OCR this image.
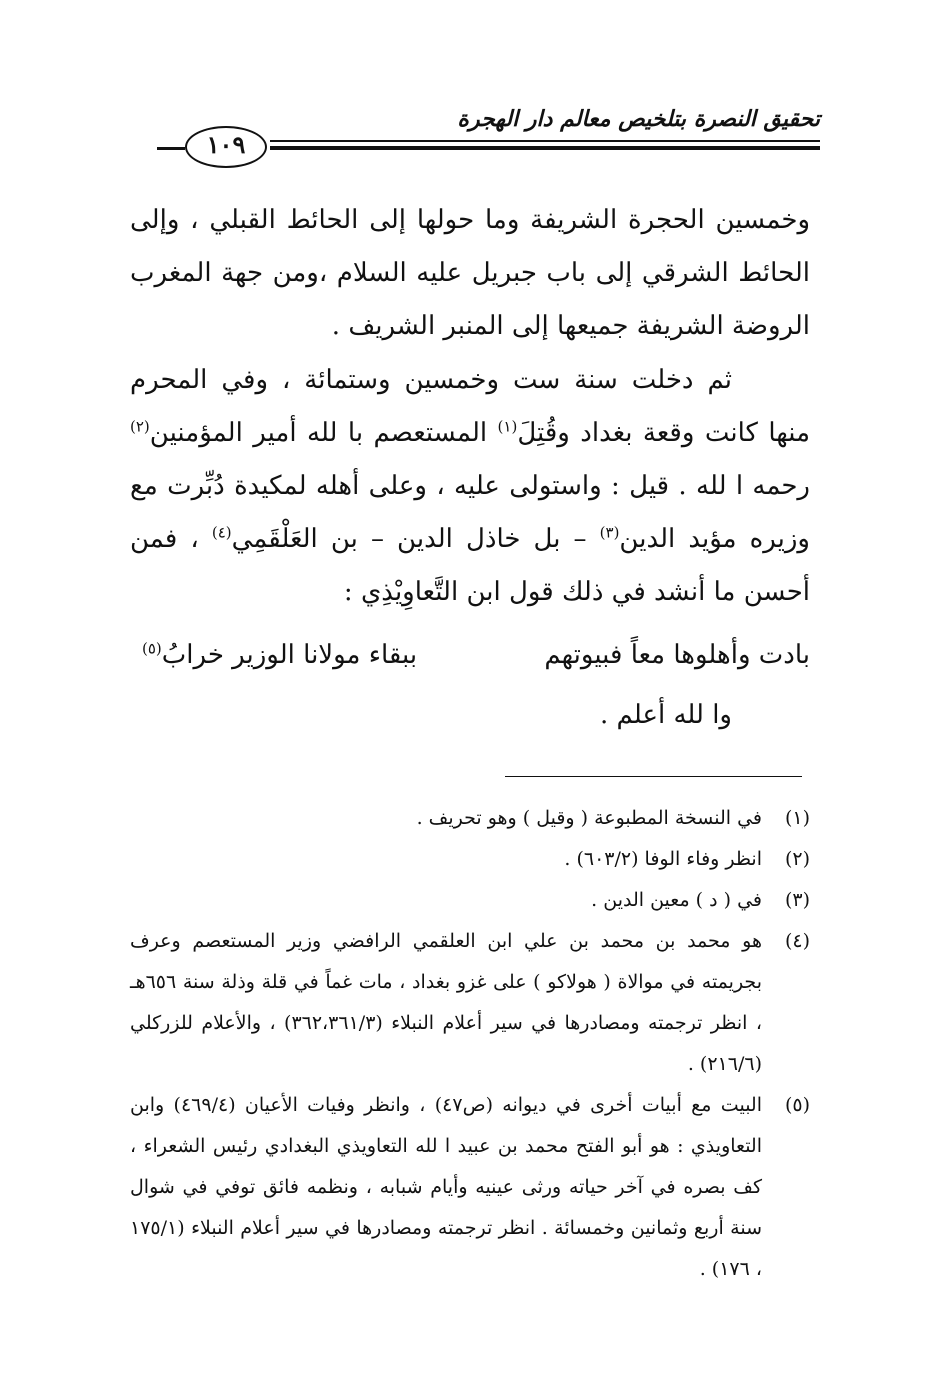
تحقيق النصرة بتلخيص معالم دار الهجرة
١٠٩

وخمسين الحجرة الشريفة وما حولها إلى الحائط القبلي ، وإلى الحائط الشرقي إلى باب جبريل عليه السلام ،ومن جهة المغرب الروضة الشريفة جميعها إلى المنبر الشريف .

ثم دخلت سنة ست وخمسين وستمائة ، وفي المحرم منها كانت وقعة بغداد وقُتِلَ$^{(١)}$ المستعصم با لله أمير المؤمنين$^{(٢)}$ رحمه ا لله . قيل : واستولى عليه ، وعلى أهله لمكيدة دُبِّرت مع وزيره مؤيد الدين$^{(٣)}$ – بل خاذل الدين – بن العَلْقَمِي$^{(٤)}$ ، فمن أحسن ما أنشد في ذلك قول ابن التَّعاوِيْذِي :

بادت وأهلوها معاً فبيوتهم
ببقاء مولانا الوزير خرابُ$^{(٥)}$
وا لله أعلم .
(١)
في النسخة المطبوعة ( وقيل ) وهو تحريف .
(٢)
انظر وفاء الوفا (٦٠٣/٢) .
(٣)
في ( د ) معين الدين .
(٤)
هو محمد بن محمد بن علي ابن العلقمي الرافضي وزير المستعصم وعرف بجريمته في موالاة ( هولاكو ) على غزو بغداد ، مات غماً في قلة وذلة سنة ٦٥٦هـ ، انظر ترجمته ومصادرها في سير أعلام النبلاء (٣٦٢،٣٦١/٣) ، والأعلام للزركلي (٢١٦/٦) .
(٥)
البيت مع أبيات أخرى في ديوانه (ص٤٧) ، وانظر وفيات الأعيان (٤٦٩/٤) وابن التعاويذي : هو أبو الفتح محمد بن عبيد ا لله التعاويذي البغدادي رئيس الشعراء ، كف بصره في آخر حياته ورثى عينيه وأيام شبابه ، ونظمه فائق توفي في شوال سنة أربع وثمانين وخمسائة . انظر ترجمته ومصادرها في سير أعلام النبلاء (١٧٥/١ ، ١٧٦) .
